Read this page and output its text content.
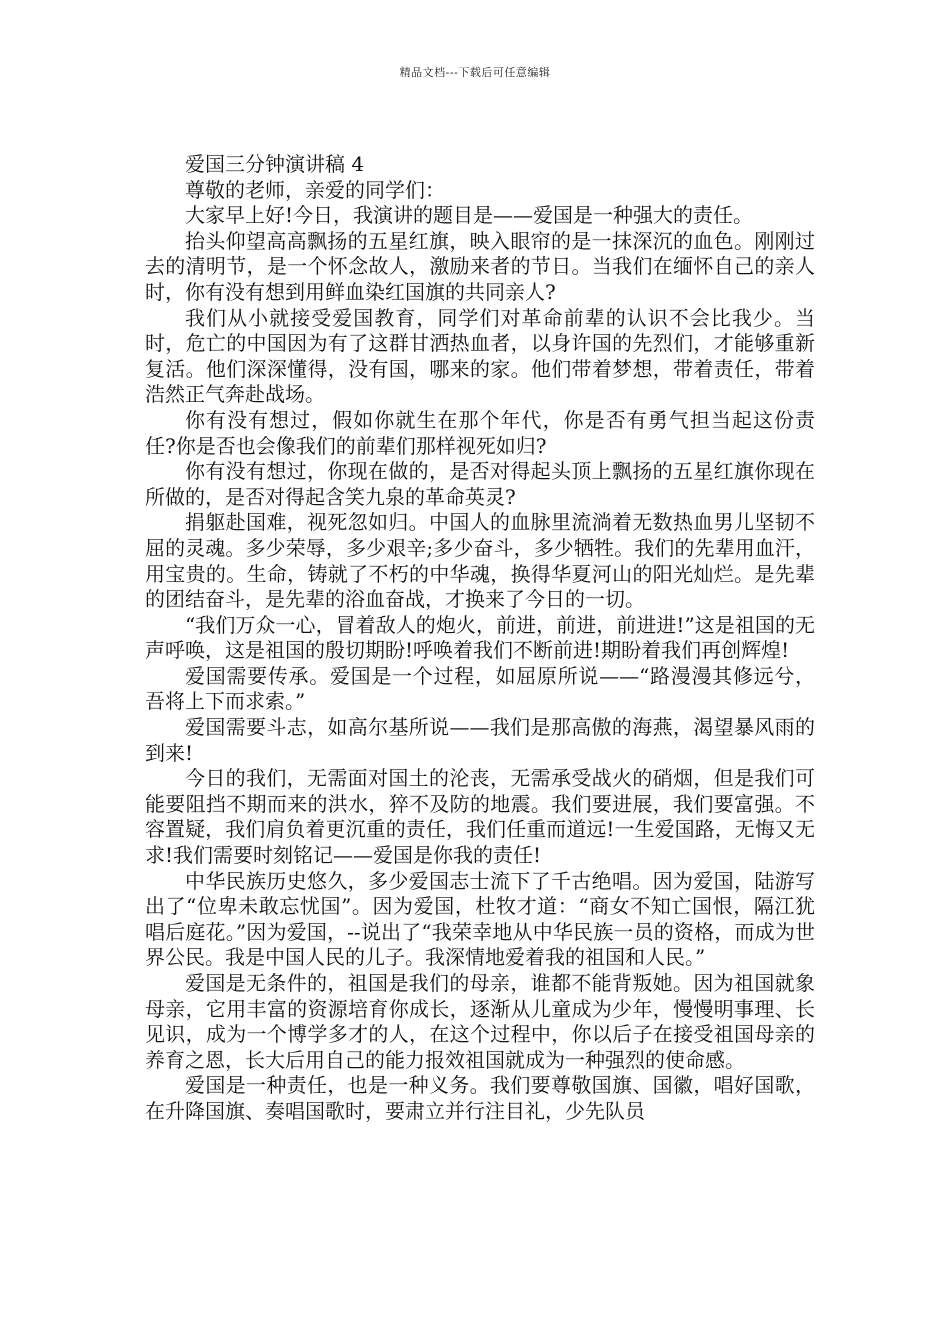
精品文档---下载后可任意编辑

爱国三分钟演讲稿 4

尊敬的老师，亲爱的同学们：

大家早上好!今日，我演讲的题目是——爱国是一种强大的责任。

抬头仰望高高飘扬的五星红旗，映入眼帘的是一抹深沉的血色。刚刚过去的清明节，是一个怀念故人，激励来者的节日。当我们在缅怀自己的亲人时，你有没有想到用鲜血染红国旗的共同亲人?

我们从小就接受爱国教育，同学们对革命前辈的认识不会比我少。当时，危亡的中国因为有了这群甘洒热血者，以身许国的先烈们，才能够重新复活。他们深深懂得，没有国，哪来的家。他们带着梦想，带着责任，带着浩然正气奔赴战场。

你有没有想过，假如你就生在那个年代，你是否有勇气担当起这份责任?你是否也会像我们的前辈们那样视死如归?

你有没有想过，你现在做的，是否对得起头顶上飘扬的五星红旗你现在所做的，是否对得起含笑九泉的革命英灵?

捐躯赴国难，视死忽如归。中国人的血脉里流淌着无数热血男儿坚韧不屈的灵魂。多少荣辱，多少艰辛;多少奋斗，多少牺牲。我们的先辈用血汗，用宝贵的。生命，铸就了不朽的中华魂，换得华夏河山的阳光灿烂。是先辈的团结奋斗，是先辈的浴血奋战，才换来了今日的一切。

“我们万众一心，冒着敌人的炮火，前进，前进，前进进!”这是祖国的无声呼唤，这是祖国的殷切期盼!呼唤着我们不断前进!期盼着我们再创辉煌!

爱国需要传承。爱国是一个过程，如屈原所说——“路漫漫其修远兮，吾将上下而求索。”

爱国需要斗志，如高尔基所说——我们是那高傲的海燕，渴望暴风雨的到来!

今日的我们，无需面对国土的沦丧，无需承受战火的硝烟，但是我们可能要阻挡不期而来的洪水，猝不及防的地震。我们要进展，我们要富强。不容置疑，我们肩负着更沉重的责任，我们任重而道远!一生爱国路，无悔又无求!我们需要时刻铭记——爱国是你我的责任!

中华民族历史悠久，多少爱国志士流下了千古绝唱。因为爱国，陆游写出了“位卑未敢忘忧国”。因为爱国，杜牧才道：“商女不知亡国恨，隔江犹唱后庭花。”因为爱国，--说出了“我荣幸地从中华民族一员的资格，而成为世界公民。我是中国人民的儿子。我深情地爱着我的祖国和人民。”

爱国是无条件的，祖国是我们的母亲，谁都不能背叛她。因为祖国就象母亲，它用丰富的资源培育你成长，逐渐从儿童成为少年，慢慢明事理、长见识，成为一个博学多才的人，在这个过程中，你以后子在接受祖国母亲的养育之恩，长大后用自己的能力报效祖国就成为一种强烈的使命感。

爱国是一种责任，也是一种义务。我们要尊敬国旗、国徽，唱好国歌，在升降国旗、奏唱国歌时，要肃立并行注目礼，少先队员
